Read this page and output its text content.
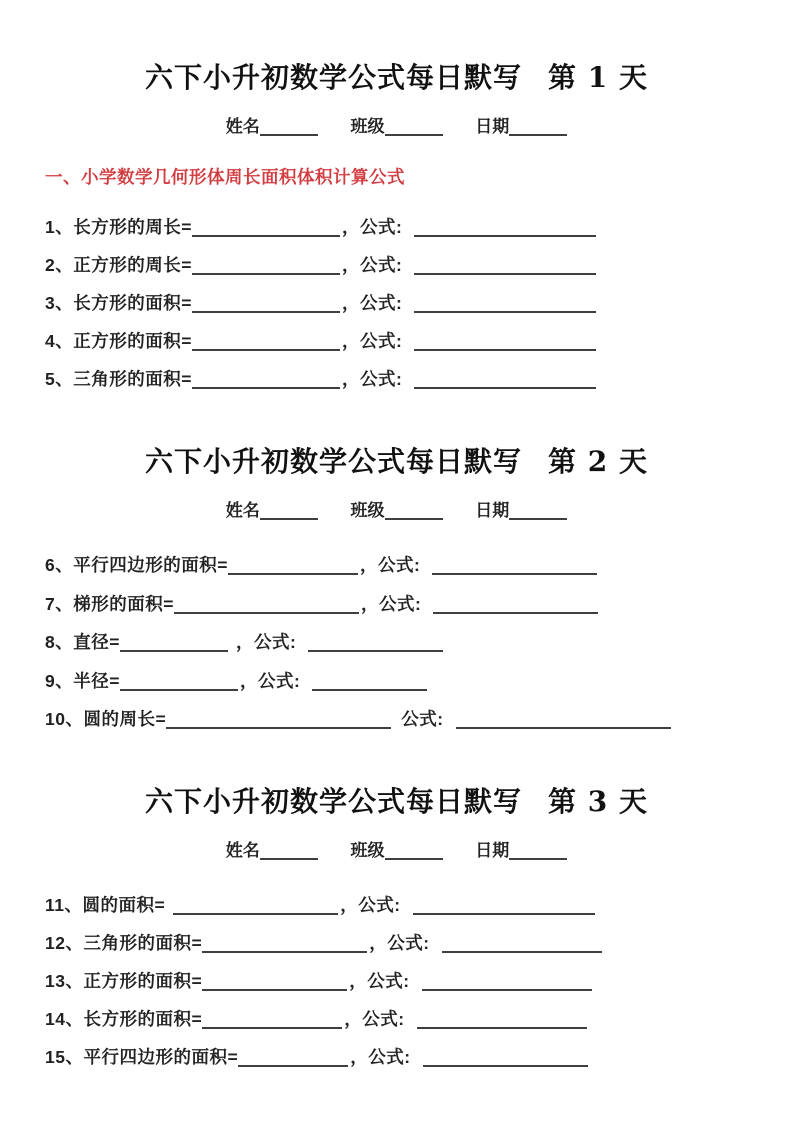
六下小升初数学公式每日默写 第 1 天
姓名	班级	日期
一、小学数学几何形体周长面积体积计算公式
1、长方形的周长=	，公式:
2、正方形的周长=	，公式:
3、长方形的面积=	，公式:
4、正方形的面积=	，公式:
5、三角形的面积=	，公式:
六下小升初数学公式每日默写 第 2 天
姓名	班级	日期
6、平行四边形的面积=	，公式:
7、梯形的面积=	，公式:
8、直径=	，公式:
9、半径=	，公式:
10、圆的周长=	公式:
六下小升初数学公式每日默写 第 3 天
姓名	班级	日期
11、圆的面积=	，公式:
12、三角形的面积=	，公式:
13、正方形的面积=	，公式:
14、长方形的面积=	，公式:
15、平行四边形的面积=	，公式:
